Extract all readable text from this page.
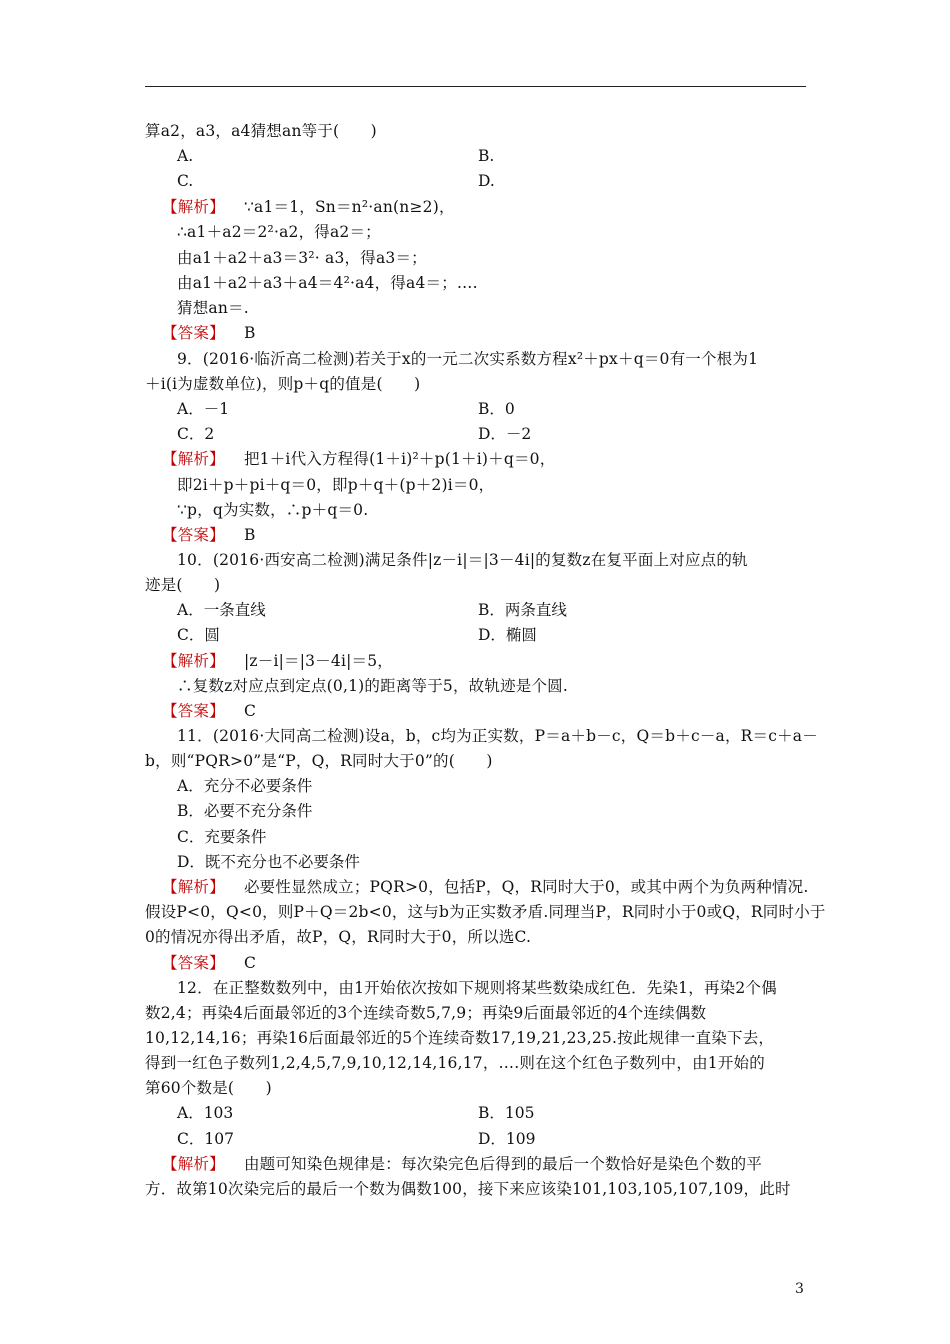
算a2，a3，a4猜想an等于(　　)
A.	B.
C.	D.
【解析】 ∵a1＝1，Sn＝n²·an(n≥2)，
∴a1＋a2＝2²·a2，得a2＝；
由a1＋a2＋a3＝3²· a3，得a3＝；
由a1＋a2＋a3＋a4＝4²·a4，得a4＝；….
猜想an＝.
【答案】 B
9．(2016·临沂高二检测)若关于x的一元二次实系数方程x²＋px＋q＝0有一个根为1
＋i(i为虚数单位)，则p＋q的值是(　　)
A．－1	B．0
C．2	D．－2
【解析】 把1＋i代入方程得(1＋i)²＋p(1＋i)＋q＝0，
即2i＋p＋pi＋q＝0，即p＋q＋(p＋2)i＝0，
∵p，q为实数，∴p＋q＝0.
【答案】 B
10．(2016·西安高二检测)满足条件|z－i|＝|3－4i|的复数z在复平面上对应点的轨
迹是(　　)
A．一条直线	B．两条直线
C．圆	D．椭圆
【解析】 |z－i|＝|3－4i|＝5，
∴复数z对应点到定点(0,1)的距离等于5，故轨迹是个圆.
【答案】 C
11．(2016·大同高二检测)设a，b，c均为正实数，P＝a＋b－c，Q＝b＋c－a，R＝c＋a－
b，则“PQR>0”是“P，Q，R同时大于0”的(　　)
A．充分不必要条件
B．必要不充分条件
C．充要条件
D．既不充分也不必要条件
【解析】 必要性显然成立；PQR>0，包括P，Q，R同时大于0，或其中两个为负两种情况.
假设P<0，Q<0，则P＋Q＝2b<0，这与b为正实数矛盾.同理当P，R同时小于0或Q，R同时小于
0的情况亦得出矛盾，故P，Q，R同时大于0，所以选C.
【答案】 C
12．在正整数数列中，由1开始依次按如下规则将某些数染成红色．先染1，再染2个偶
数2,4；再染4后面最邻近的3个连续奇数5,7,9；再染9后面最邻近的4个连续偶数
10,12,14,16；再染16后面最邻近的5个连续奇数17,19,21,23,25.按此规律一直染下去，
得到一红色子数列1,2,4,5,7,9,10,12,14,16,17，….则在这个红色子数列中，由1开始的
第60个数是(　　)
A．103	B．105
C．107	D．109
【解析】 由题可知染色规律是：每次染完色后得到的最后一个数恰好是染色个数的平
方．故第10次染完后的最后一个数为偶数100，接下来应该染101,103,105,107,109，此时
3
